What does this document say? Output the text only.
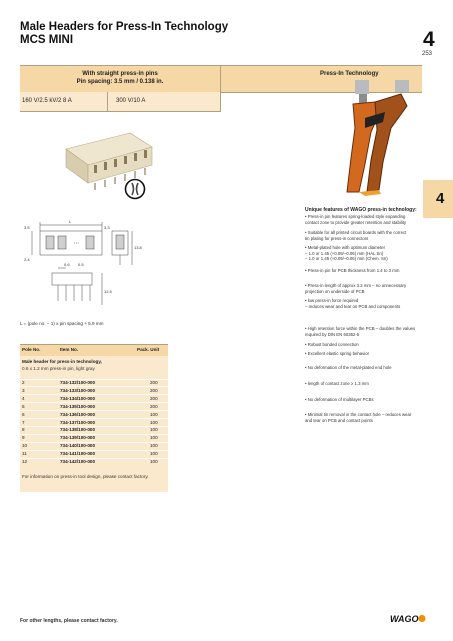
Male Headers for Press-In Technology
MCS MINI	4
253
4
With straight press-in pins
Pin spacing: 3.5 mm / 0.138 in.
Press-In Technology
160 V/2.5 kV/2 8 A	300 V/10 A
L
3.5	3.3
2.4
0.6 0.5
13.8
12.5
L = (pole no. − 1) x pin spacing + 5.9 mm
Unique features of WAGO press-in technology:
• Press-in pin features spring-loaded style expanding
contact zone to provide greater retention and stability
• Suitable for all printed circuit boards with the correct
tin plating for press-in connectors
• Metal-plated hole with optimum diameter
– 1.0 or 1.45 (+0.09/−0.06) mm (HAL Sn)
– 1.0 or 1.45 (+0.09/−0.06) mm (Chem. Sn)
• Press-in pin for PCB thickness from 1.4 to 3 mm
• Press-in length of approx 3.2 mm – no unnecessary
projection on underside of PCB
• low press-in force required
– reduces wear and tear on PCB and components
• High retention force within the PCB – doubles the values
required by DIN EN 60352-5
• Robust bonded connection
• Excellent elastic spring behavior
• No deformation of the metal-plated end hole
• length of contact zone ≥ 1.3 mm
• No deformation of multilayer PCBs
• Minimal tin removal in the contact hole – reduces wear
and tear on PCB and contact points
Pole No.	Item No.	Pack. Unit
Male header for press-in technology,
0.6 x 1.2 mm press-in pin, light gray
2	734-132/100-000	200
3	734-133/100-000	200
4	734-134/100-000	200
5	734-135/100-000	200
6	734-136/100-000	100
7	734-137/100-000	100
8	734-138/100-000	100
9	734-139/100-000	100
10	734-140/100-000	100
11	734-141/100-000	100
12	734-142/100-000	100
For information on press-in tool design, please contact factory.
For other lengths, please contact factory.	WAGO
